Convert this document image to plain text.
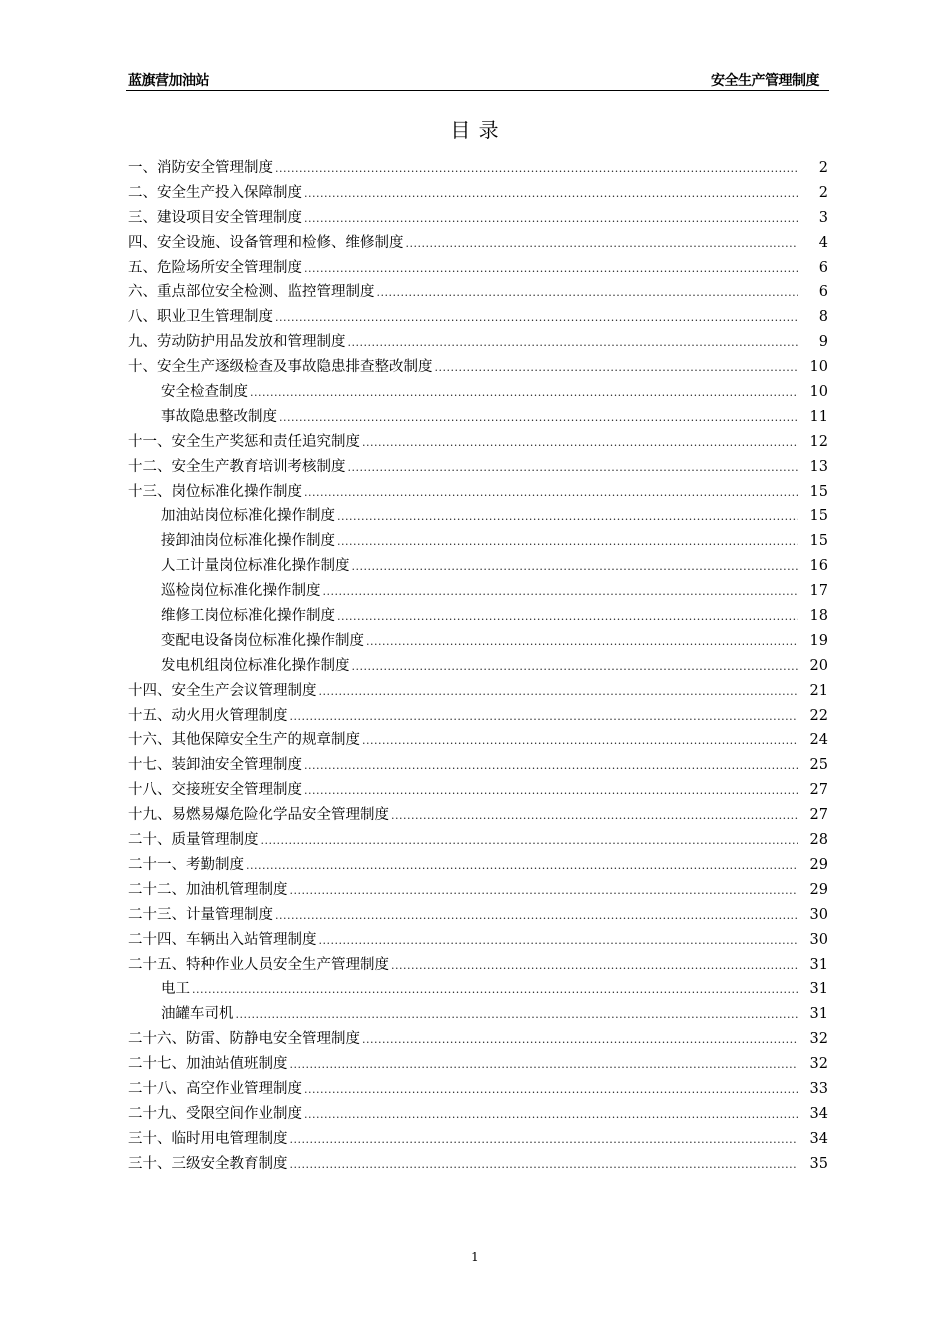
蓝旗营加油站	安全生产管理制度
目 录
一、消防安全管理制度 .....	2
二、安全生产投入保障制度 .....	2
三、建设项目安全管理制度 .....	3
四、安全设施、设备管理和检修、维修制度 .....	4
五、危险场所安全管理制度 .....	6
六、重点部位安全检测、监控管理制度 .....	6
八、职业卫生管理制度 .....	8
九、劳动防护用品发放和管理制度 .....	9
十、安全生产逐级检查及事故隐患排查整改制度 .....	10
安全检查制度 .....	10
事故隐患整改制度 .....	11
十一、安全生产奖惩和责任追究制度 .....	12
十二、安全生产教育培训考核制度 .....	13
十三、岗位标准化操作制度 .....	15
加油站岗位标准化操作制度 .....	15
接卸油岗位标准化操作制度 .....	15
人工计量岗位标准化操作制度 .....	16
巡检岗位标准化操作制度 .....	17
维修工岗位标准化操作制度 .....	18
变配电设备岗位标准化操作制度 .....	19
发电机组岗位标准化操作制度 .....	20
十四、安全生产会议管理制度 .....	21
十五、动火用火管理制度 .....	22
十六、其他保障安全生产的规章制度 .....	24
十七、装卸油安全管理制度 .....	25
十八、交接班安全管理制度 .....	27
十九、易燃易爆危险化学品安全管理制度 .....	27
二十、质量管理制度 .....	28
二十一、考勤制度 .....	29
二十二、加油机管理制度 .....	29
二十三、计量管理制度 .....	30
二十四、车辆出入站管理制度 .....	30
二十五、特种作业人员安全生产管理制度 .....	31
电工 .....	31
油罐车司机 .....	31
二十六、防雷、防静电安全管理制度 .....	32
二十七、加油站值班制度 .....	32
二十八、高空作业管理制度 .....	33
二十九、受限空间作业制度 .....	34
三十、临时用电管理制度 .....	34
三十、三级安全教育制度 .....	35
1
